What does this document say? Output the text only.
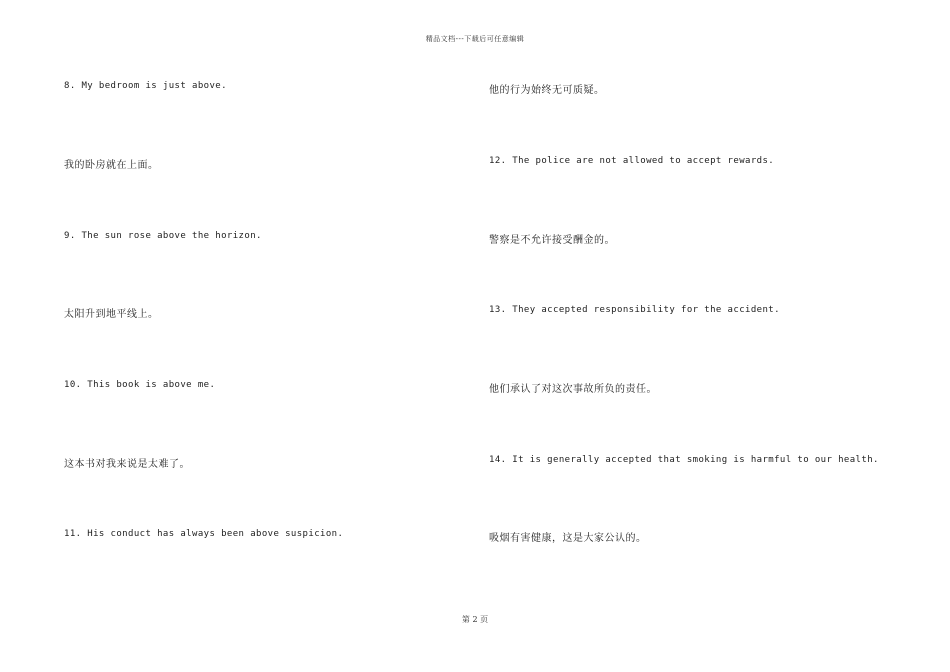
精品文档---下载后可任意编辑
8. My bedroom is just above.
我的卧房就在上面。
9. The sun rose above the horizon.
太阳升到地平线上。
10. This book is above me.
这本书对我来说是太难了。
11. His conduct has always been above suspicion.
他的行为始终无可质疑。
12. The police are not allowed to accept rewards.
警察是不允许接受酬金的。
13. They accepted responsibility for the accident.
他们承认了对这次事故所负的责任。
14. It is generally accepted that smoking is harmful to our health.
吸烟有害健康，这是大家公认的。
第 2 页
